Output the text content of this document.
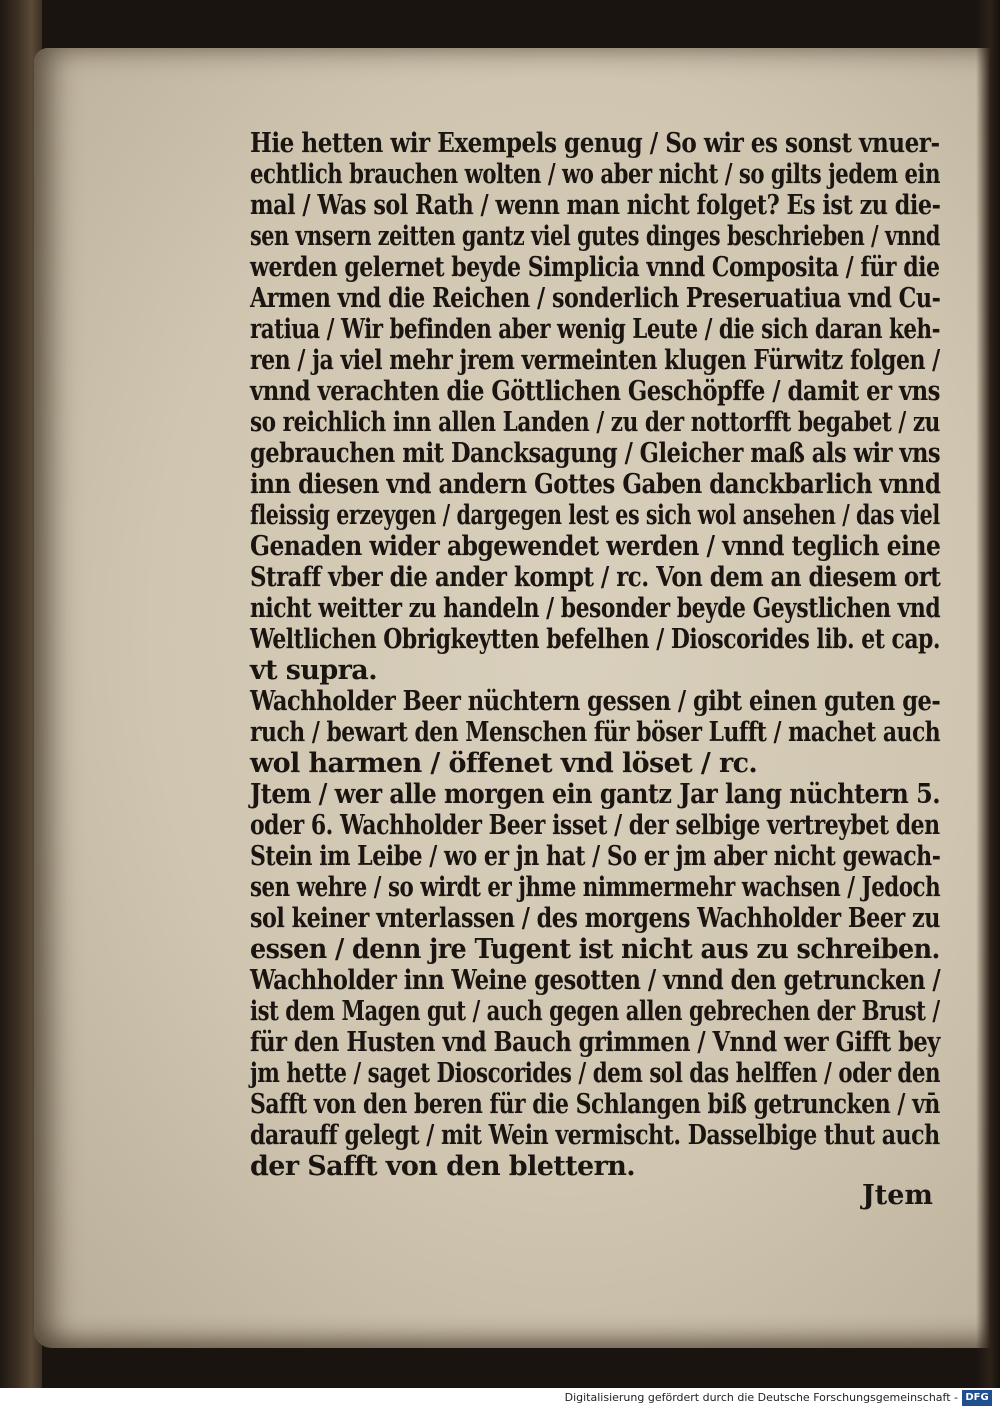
Hie hetten wir Exempels genug / So wir es sonst vnuer-
echtlich brauchen wolten / wo aber nicht / so gilts jedem ein
mal / Was sol Rath / wenn man nicht folget? Es ist zu die-
sen vnsern zeitten gantz viel gutes dinges beschrieben / vnnd
werden gelernet beyde Simplicia vnnd Composita / für die
Armen vnd die Reichen / sonderlich Preseruatiua vnd Cu-
ratiua / Wir befinden aber wenig Leute / die sich daran keh-
ren / ja viel mehr jrem vermeinten klugen Fürwitz folgen /
vnnd verachten die Göttlichen Geschöpffe / damit er vns
so reichlich inn allen Landen / zu der nottorfft begabet / zu
gebrauchen mit Dancksagung / Gleicher maß als wir vns
inn diesen vnd andern Gottes Gaben danckbarlich vnnd
fleissig erzeygen / dargegen lest es sich wol ansehen / das viel
Genaden wider abgewendet werden / vnnd teglich eine
Straff vber die ander kompt / rc. Von dem an diesem ort
nicht weitter zu handeln / besonder beyde Geystlichen vnd
Weltlichen Obrigkeytten befelhen / Dioscorides lib. et cap.
vt supra.
Wachholder Beer nüchtern gessen / gibt einen guten ge-
ruch / bewart den Menschen für böser Lufft / machet auch
wol harmen / öffenet vnd löset / rc.
Jtem / wer alle morgen ein gantz Jar lang nüchtern 5.
oder 6. Wachholder Beer isset / der selbige vertreybet den
Stein im Leibe / wo er jn hat / So er jm aber nicht gewach-
sen wehre / so wirdt er jhme nimmermehr wachsen / Jedoch
sol keiner vnterlassen / des morgens Wachholder Beer zu
essen / denn jre Tugent ist nicht aus zu schreiben.
Wachholder inn Weine gesotten / vnnd den getruncken /
ist dem Magen gut / auch gegen allen gebrechen der Brust /
für den Husten vnd Bauch grimmen / Vnnd wer Gifft bey
jm hette / saget Dioscorides / dem sol das helffen / oder den
Safft von den beren für die Schlangen biß getruncken / vn̄
darauff gelegt / mit Wein vermischt. Dasselbige thut auch
der Safft von den blettern.
Jtem
Digitalisierung gefördert durch die Deutsche Forschungsgemeinschaft - DFG
